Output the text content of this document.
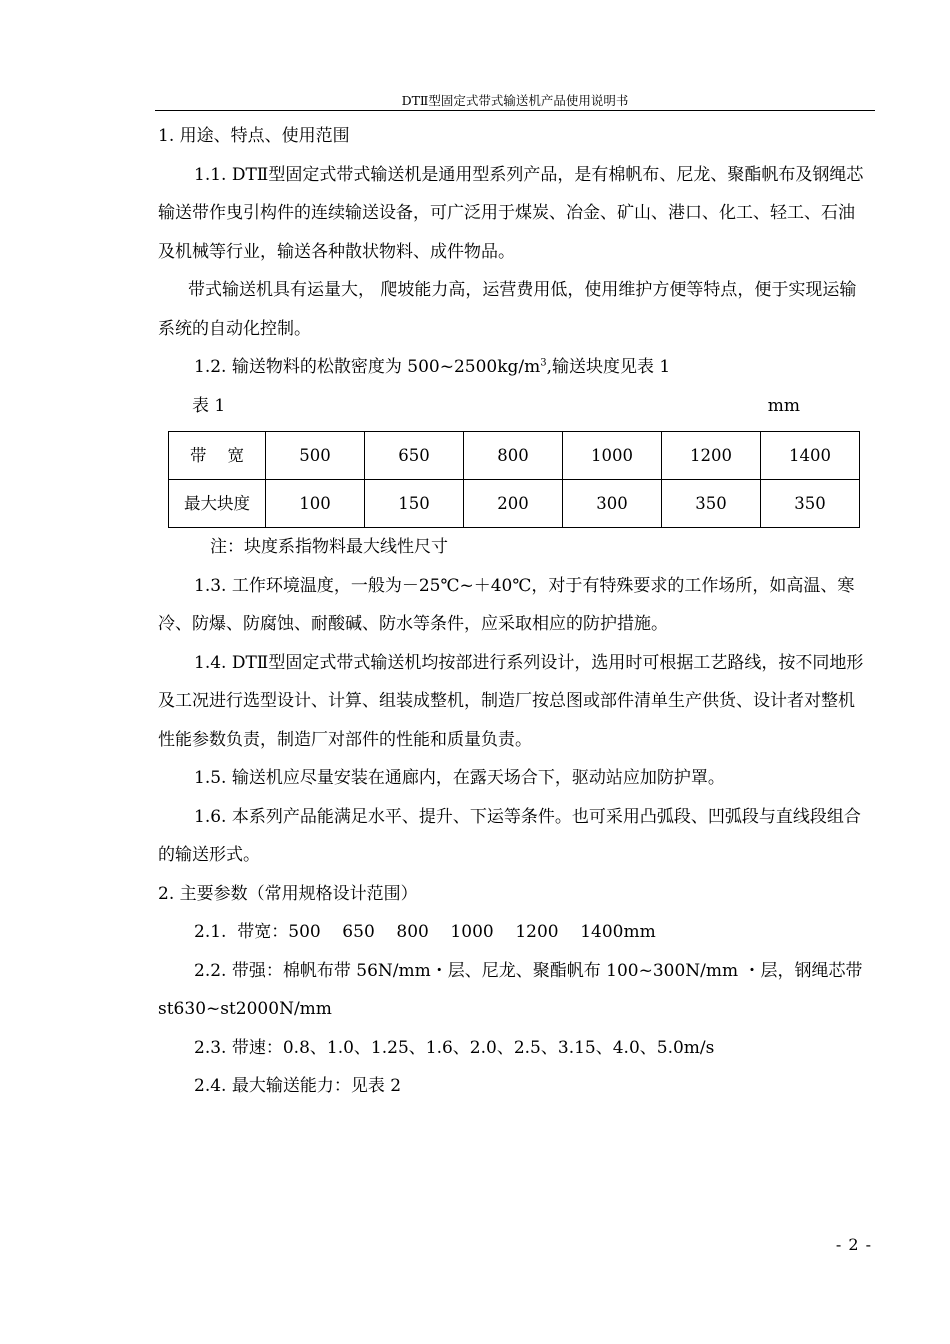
DTⅡ型固定式带式输送机产品使用说明书

1. 用途、特点、使用范围

1.1. DTⅡ型固定式带式输送机是通用型系列产品，是有棉帆布、尼龙、聚酯帆布及钢绳芯输送带作曳引构件的连续输送设备，可广泛用于煤炭、冶金、矿山、港口、化工、轻工、石油及机械等行业，输送各种散状物料、成件物品。

带式输送机具有运量大， 爬坡能力高，运营费用低，使用维护方便等特点，便于实现运输系统的自动化控制。

1.2. 输送物料的松散密度为 $500\sim 2500kg/m^3$,输送块度见表 1

表 1	mm
带    宽	500	650	800	1000	1200	1400
最大块度	100	150	200	300	350	350

注：块度系指物料最大线性尺寸

1.3. 工作环境温度，一般为－25℃~＋40℃，对于有特殊要求的工作场所，如高温、寒冷、防爆、防腐蚀、耐酸碱、防水等条件，应采取相应的防护措施。

1.4. DTⅡ型固定式带式输送机均按部进行系列设计，选用时可根据工艺路线，按不同地形及工况进行选型设计、计算、组装成整机，制造厂按总图或部件清单生产供货、设计者对整机性能参数负责，制造厂对部件的性能和质量负责。

1.5. 输送机应尽量安装在通廊内，在露天场合下，驱动站应加防护罩。

1.6. 本系列产品能满足水平、提升、下运等条件。也可采用凸弧段、凹弧段与直线段组合的输送形式。

2. 主要参数（常用规格设计范围）

2.1.  带宽：500    650    800    1000    1200    1400mm

2.2. 带强：棉帆布带 56N/mm・层、尼龙、聚酯帆布 100~300N/mm ・层，钢绳芯带 st630~st2000N/mm

2.3. 带速：0.8、1.0、1.25、1.6、2.0、2.5、3.15、4.0、5.0m/s

2.4. 最大输送能力：见表 2

- 2 -
